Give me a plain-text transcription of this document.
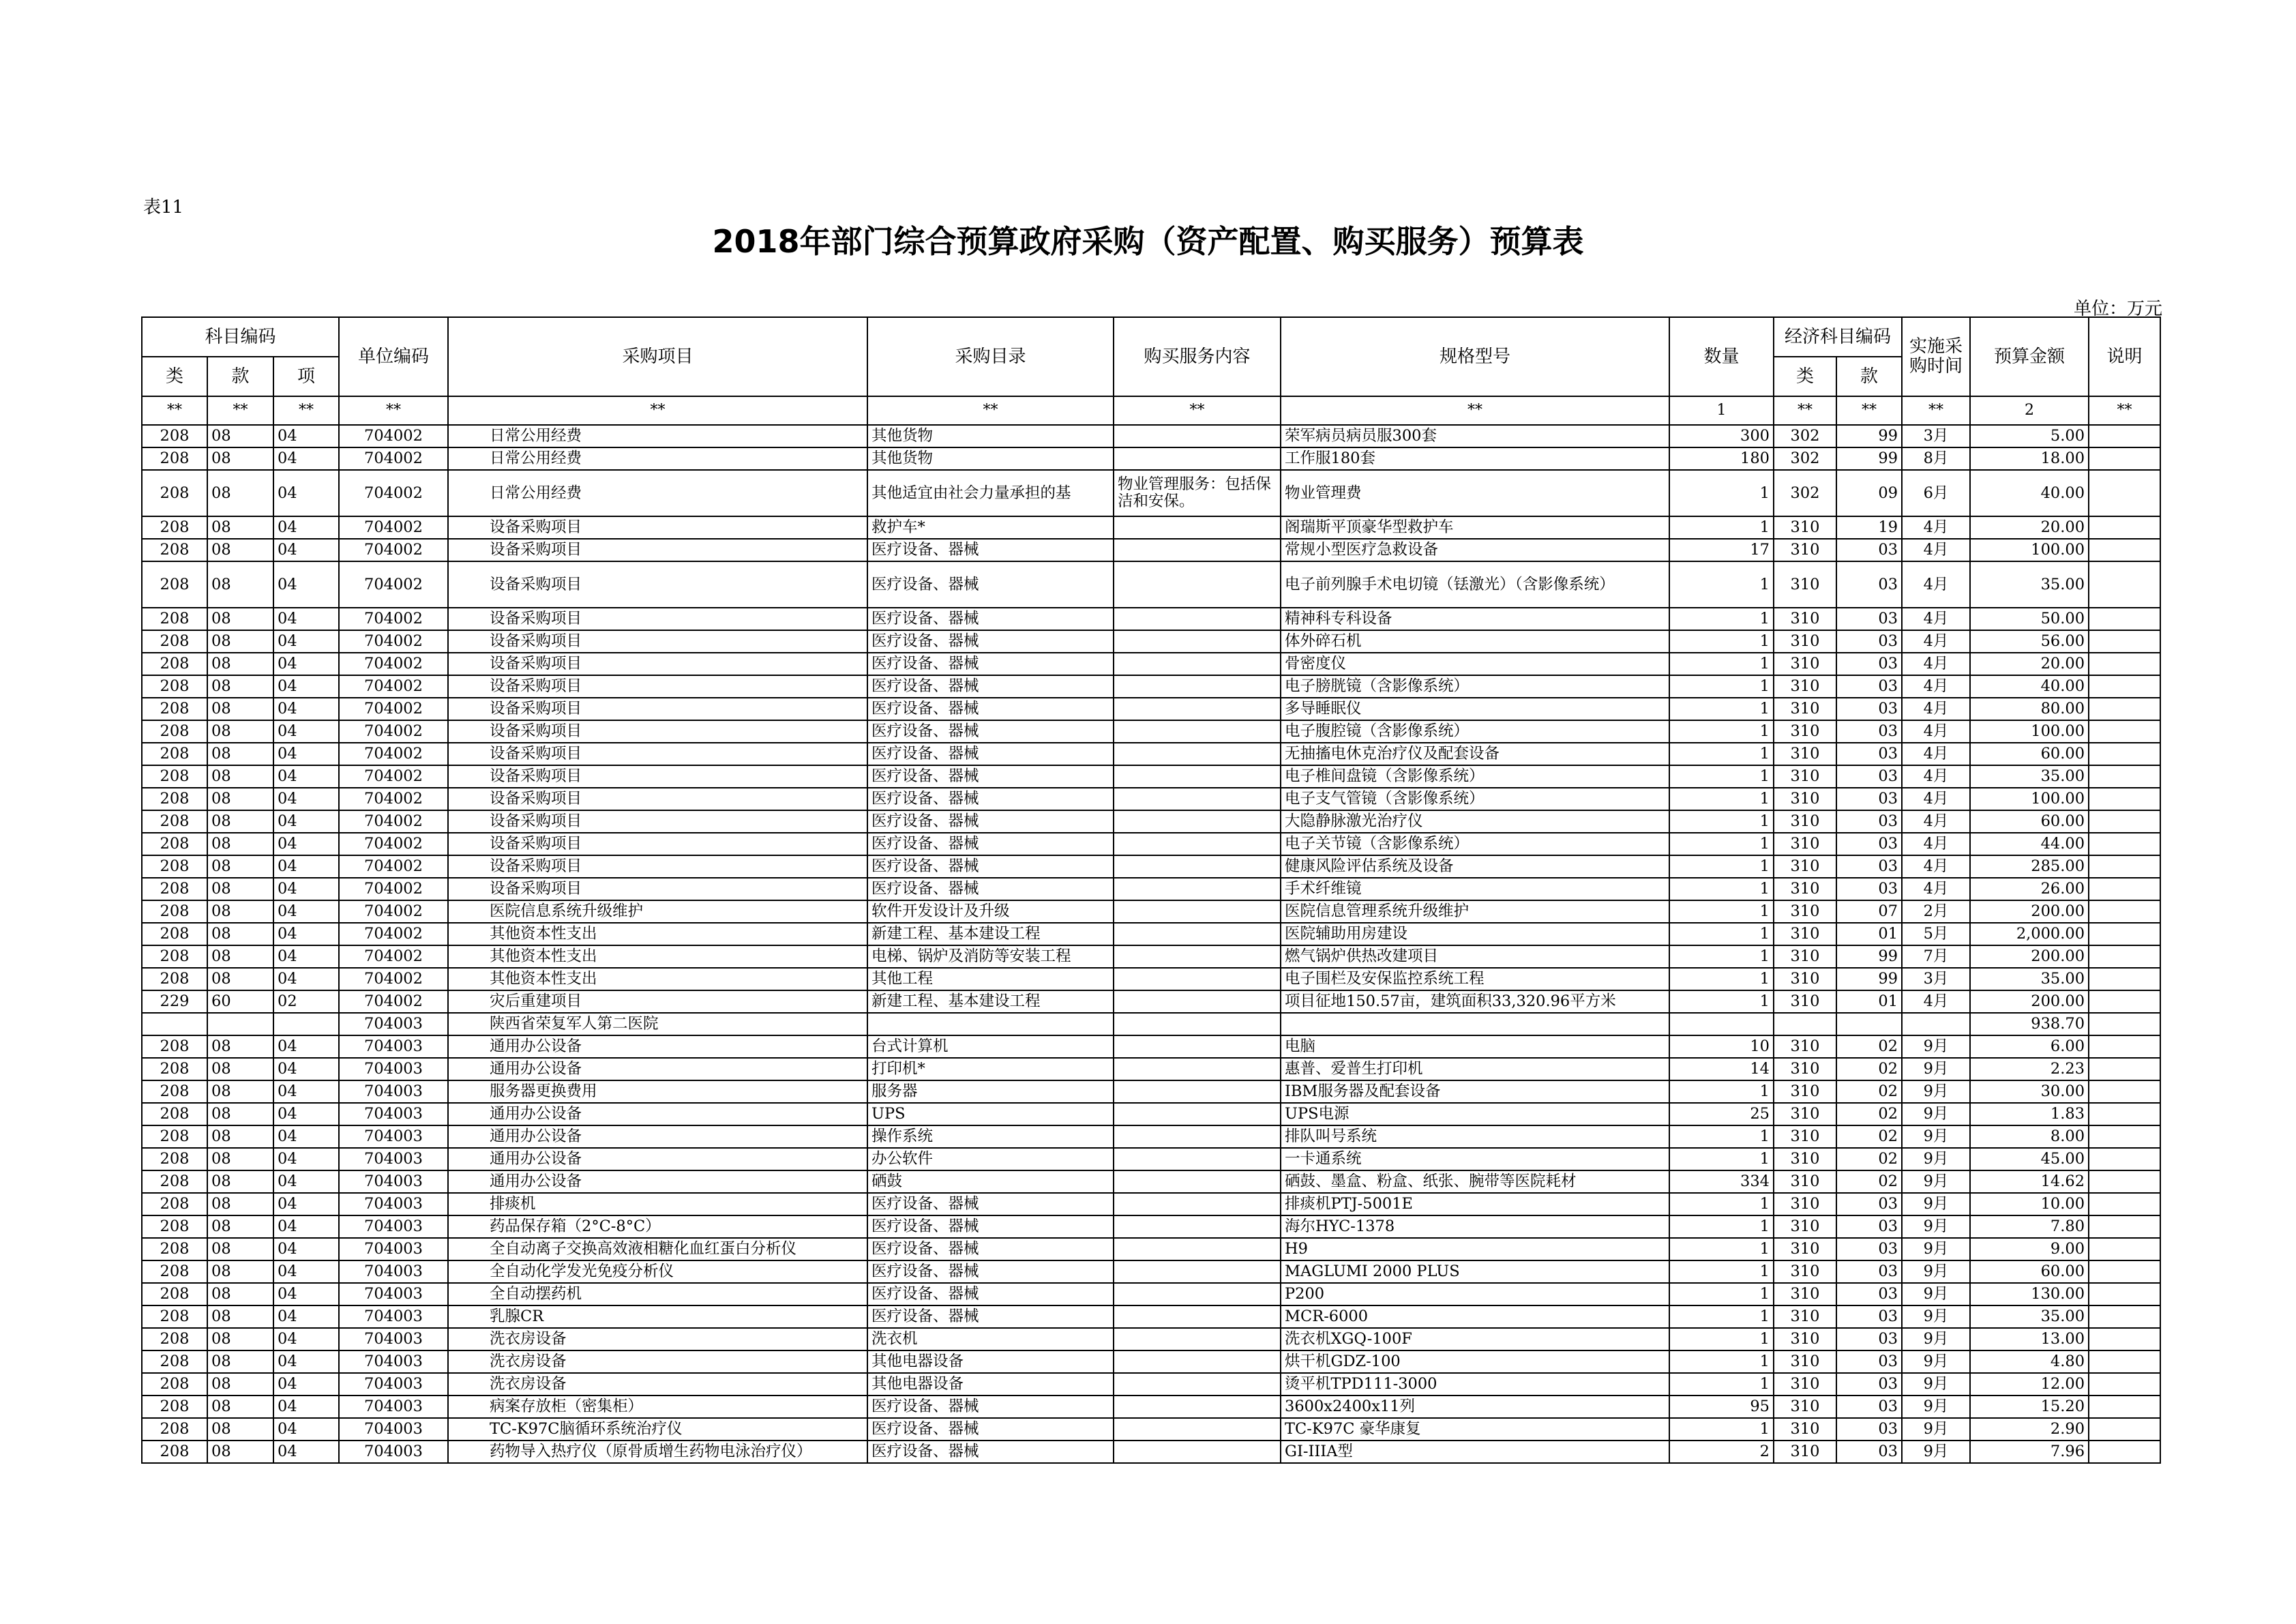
表11
2018年部门综合预算政府采购（资产配置、购买服务）预算表
单位：万元
科目编码			单位编码	采购项目	采购目录	购买服务内容	规格型号	数量	经济科目编码		实施采购时间	预算金额	说明
类	款	项							类	款			
**	**	**	**	**	**	**	**	1	**	**	**	2	**
208	08	04	704002	日常公用经费	其他货物		荣军病员病员服300套	300	302	99	3月	5.00	
208	08	04	704002	日常公用经费	其他货物		工作服180套	180	302	99	8月	18.00	
208	08	04	704002	日常公用经费	其他适宜由社会力量承担的基	物业管理服务：包括保洁和安保。	物业管理费	1	302	09	6月	40.00	
208	08	04	704002	设备采购项目	救护车*		阁瑞斯平顶豪华型救护车	1	310	19	4月	20.00	
208	08	04	704002	设备采购项目	医疗设备、器械		常规小型医疗急救设备	17	310	03	4月	100.00	
208	08	04	704002	设备采购项目	医疗设备、器械		电子前列腺手术电切镜（铥激光）（含影像系统）	1	310	03	4月	35.00	
208	08	04	704002	设备采购项目	医疗设备、器械		精神科专科设备	1	310	03	4月	50.00	
208	08	04	704002	设备采购项目	医疗设备、器械		体外碎石机	1	310	03	4月	56.00	
208	08	04	704002	设备采购项目	医疗设备、器械		骨密度仪	1	310	03	4月	20.00	
208	08	04	704002	设备采购项目	医疗设备、器械		电子膀胱镜（含影像系统）	1	310	03	4月	40.00	
208	08	04	704002	设备采购项目	医疗设备、器械		多导睡眠仪	1	310	03	4月	80.00	
208	08	04	704002	设备采购项目	医疗设备、器械		电子腹腔镜（含影像系统）	1	310	03	4月	100.00	
208	08	04	704002	设备采购项目	医疗设备、器械		无抽搐电休克治疗仪及配套设备	1	310	03	4月	60.00	
208	08	04	704002	设备采购项目	医疗设备、器械		电子椎间盘镜（含影像系统）	1	310	03	4月	35.00	
208	08	04	704002	设备采购项目	医疗设备、器械		电子支气管镜（含影像系统）	1	310	03	4月	100.00	
208	08	04	704002	设备采购项目	医疗设备、器械		大隐静脉激光治疗仪	1	310	03	4月	60.00	
208	08	04	704002	设备采购项目	医疗设备、器械		电子关节镜（含影像系统）	1	310	03	4月	44.00	
208	08	04	704002	设备采购项目	医疗设备、器械		健康风险评估系统及设备	1	310	03	4月	285.00	
208	08	04	704002	设备采购项目	医疗设备、器械		手术纤维镜	1	310	03	4月	26.00	
208	08	04	704002	医院信息系统升级维护	软件开发设计及升级		医院信息管理系统升级维护	1	310	07	2月	200.00	
208	08	04	704002	其他资本性支出	新建工程、基本建设工程		医院辅助用房建设	1	310	01	5月	2,000.00	
208	08	04	704002	其他资本性支出	电梯、锅炉及消防等安装工程		燃气锅炉供热改建项目	1	310	99	7月	200.00	
208	08	04	704002	其他资本性支出	其他工程		电子围栏及安保监控系统工程	1	310	99	3月	35.00	
229	60	02	704002	灾后重建项目	新建工程、基本建设工程		项目征地150.57亩，建筑面积33,320.96平方米	1	310	01	4月	200.00	
			704003	陕西省荣复军人第二医院								938.70	
208	08	04	704003	通用办公设备	台式计算机		电脑	10	310	02	9月	6.00	
208	08	04	704003	通用办公设备	打印机*		惠普、爱普生打印机	14	310	02	9月	2.23	
208	08	04	704003	服务器更换费用	服务器		IBM服务器及配套设备	1	310	02	9月	30.00	
208	08	04	704003	通用办公设备	UPS		UPS电源	25	310	02	9月	1.83	
208	08	04	704003	通用办公设备	操作系统		排队叫号系统	1	310	02	9月	8.00	
208	08	04	704003	通用办公设备	办公软件		一卡通系统	1	310	02	9月	45.00	
208	08	04	704003	通用办公设备	硒鼓		硒鼓、墨盒、粉盒、纸张、腕带等医院耗材	334	310	02	9月	14.62	
208	08	04	704003	排痰机	医疗设备、器械		排痰机PTJ-5001E	1	310	03	9月	10.00	
208	08	04	704003	药品保存箱（2°C-8°C）	医疗设备、器械		海尔HYC-1378	1	310	03	9月	7.80	
208	08	04	704003	全自动离子交换高效液相糖化血红蛋白分析仪	医疗设备、器械		H9	1	310	03	9月	9.00	
208	08	04	704003	全自动化学发光免疫分析仪	医疗设备、器械		MAGLUMI 2000 PLUS	1	310	03	9月	60.00	
208	08	04	704003	全自动摆药机	医疗设备、器械		P200	1	310	03	9月	130.00	
208	08	04	704003	乳腺CR	医疗设备、器械		MCR-6000	1	310	03	9月	35.00	
208	08	04	704003	洗衣房设备	洗衣机		洗衣机XGQ-100F	1	310	03	9月	13.00	
208	08	04	704003	洗衣房设备	其他电器设备		烘干机GDZ-100	1	310	03	9月	4.80	
208	08	04	704003	洗衣房设备	其他电器设备		烫平机TPD111-3000	1	310	03	9月	12.00	
208	08	04	704003	病案存放柜（密集柜）	医疗设备、器械		3600x2400x11列	95	310	03	9月	15.20	
208	08	04	704003	TC-K97C脑循环系统治疗仪	医疗设备、器械		TC-K97C 豪华康复	1	310	03	9月	2.90	
208	08	04	704003	药物导入热疗仪（原骨质增生药物电泳治疗仪）	医疗设备、器械		GI-IIIA型	2	310	03	9月	7.96	
